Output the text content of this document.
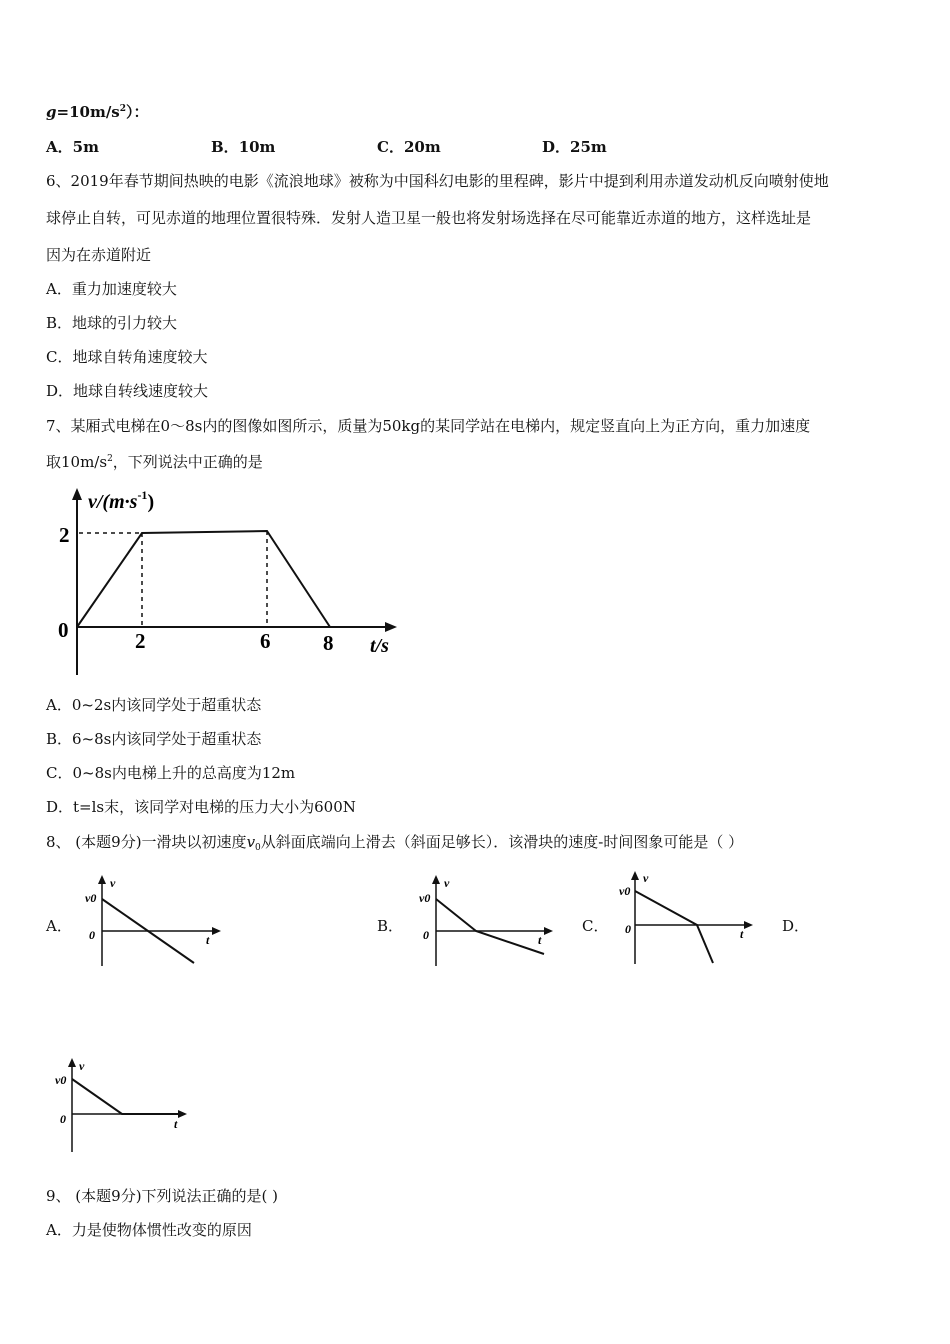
$g=10m/s^2$）：
A．5m	B．10m	C．20m	D．25m
6、2019年春节期间热映的电影《流浪地球》被称为中国科幻电影的里程碑，影片中提到利用赤道发动机反向喷射使地
球停止自转，可见赤道的地理位置很特殊．发射人造卫星一般也将发射场选择在尽可能靠近赤道的地方，这样选址是
因为在赤道附近
A．重力加速度较大
B．地球的引力较大
C．地球自转角速度较大
D．地球自转线速度较大
7、某厢式电梯在0～8s内的图像如图所示，质量为50kg的某同学站在电梯内，规定竖直向上为正方向，重力加速度
取$10m/s^2$，下列说法中正确的是
$v/(m\cdot s^{-1})$
2
0	2	6	8 t/s
A．0~2s内该同学处于超重状态
B．6~8s内该同学处于超重状态
C．0~8s内电梯上升的总高度为12m
D．t=ls末，该同学对电梯的压力大小为600N
8、 (本题9分)一滑块以初速度$v_0$从斜面底端向上滑去（斜面足够长）．该滑块的速度-时间图象可能是（ ）
A．	B．	C．	D．
v
v0
0	t
v
v0
0	t
v
v0
0	t
v
v0
0	t
9、 (本题9分)下列说法正确的是( )
A．力是使物体惯性改变的原因
